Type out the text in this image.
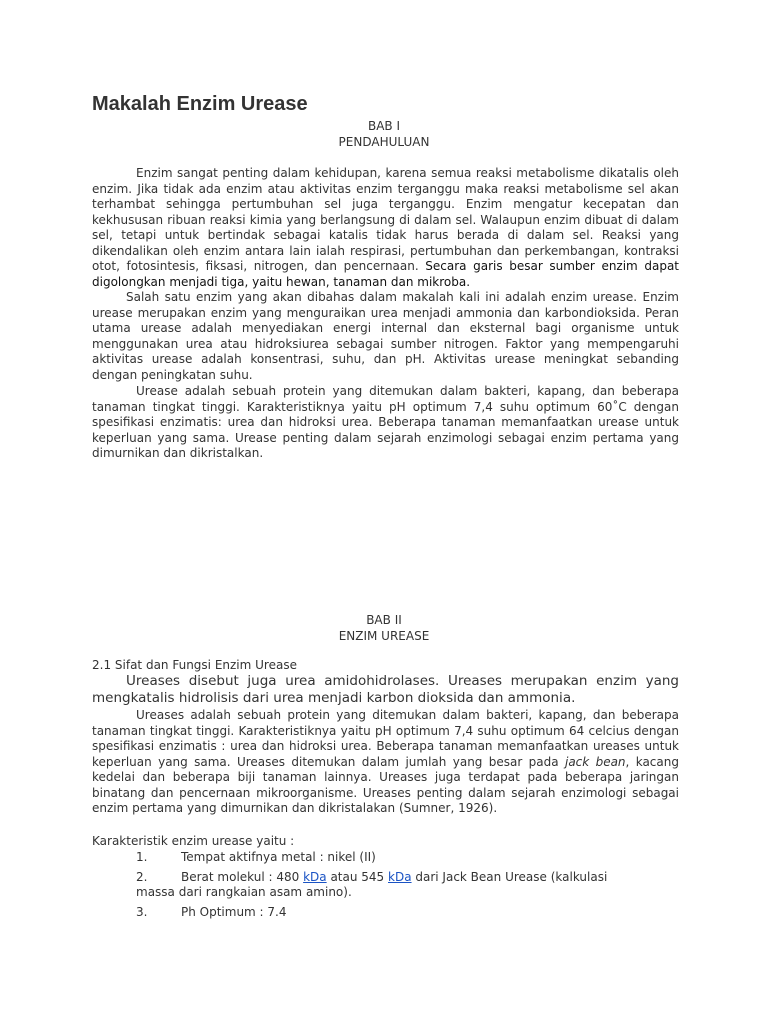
Makalah Enzim Urease
BAB I
PENDAHULUAN

Enzim sangat penting dalam kehidupan, karena semua reaksi metabolisme dikatalis oleh enzim. Jika tidak ada enzim atau aktivitas enzim terganggu maka reaksi metabolisme sel akan terhambat sehingga pertumbuhan sel juga terganggu. Enzim mengatur kecepatan dan kekhususan ribuan reaksi kimia yang berlangsung di dalam sel. Walaupun enzim dibuat di dalam sel, tetapi untuk bertindak sebagai katalis tidak harus berada di dalam sel. Reaksi yang dikendalikan oleh enzim antara lain ialah respirasi, pertumbuhan dan perkembangan, kontraksi otot, fotosintesis, fiksasi, nitrogen, dan pencernaan. Secara garis besar sumber enzim dapat digolongkan menjadi tiga, yaitu hewan, tanaman dan mikroba.

Salah satu enzim yang akan dibahas dalam makalah kali ini adalah enzim urease. Enzim urease merupakan enzim yang menguraikan urea menjadi ammonia dan karbondioksida. Peran utama urease adalah menyediakan energi internal dan eksternal bagi organisme untuk menggunakan urea atau hidroksiurea sebagai sumber nitrogen. Faktor yang mempengaruhi aktivitas urease adalah konsentrasi, suhu, dan pH. Aktivitas urease meningkat sebanding dengan peningkatan suhu.

Urease adalah sebuah protein yang ditemukan dalam bakteri, kapang, dan beberapa tanaman tingkat tinggi. Karakteristiknya yaitu pH optimum 7,4 suhu optimum 60˚C dengan spesifikasi enzimatis: urea dan hidroksi urea. Beberapa tanaman memanfaatkan urease untuk keperluan yang sama. Urease penting dalam sejarah enzimologi sebagai enzim pertama yang dimurnikan dan dikristalkan.

BAB II
ENZIM UREASE
2.1 Sifat dan Fungsi Enzim Urease

Ureases disebut juga urea amidohidrolases. Ureases merupakan enzim yang mengkatalis hidrolisis dari urea menjadi karbon dioksida dan ammonia.

Ureases adalah sebuah protein yang ditemukan dalam bakteri, kapang, dan beberapa tanaman tingkat tinggi. Karakteristiknya yaitu pH optimum 7,4 suhu optimum 64 celcius dengan spesifikasi enzimatis : urea dan hidroksi urea. Beberapa tanaman memanfaatkan ureases untuk keperluan yang sama. Ureases ditemukan dalam jumlah yang besar pada jack bean, kacang kedelai dan beberapa biji tanaman lainnya. Ureases juga terdapat pada beberapa jaringan binatang dan pencernaan mikroorganisme. Ureases penting dalam sejarah enzimologi sebagai enzim pertama yang dimurnikan dan dikristalakan (Sumner, 1926).

Karakteristik enzim urease yaitu :
1.	Tempat aktifnya metal : nikel (II)
2.	Berat molekul : 480 kDa atau 545 kDa dari Jack Bean Urease (kalkulasi
massa dari rangkaian asam amino).
3.	Ph Optimum : 7.4
